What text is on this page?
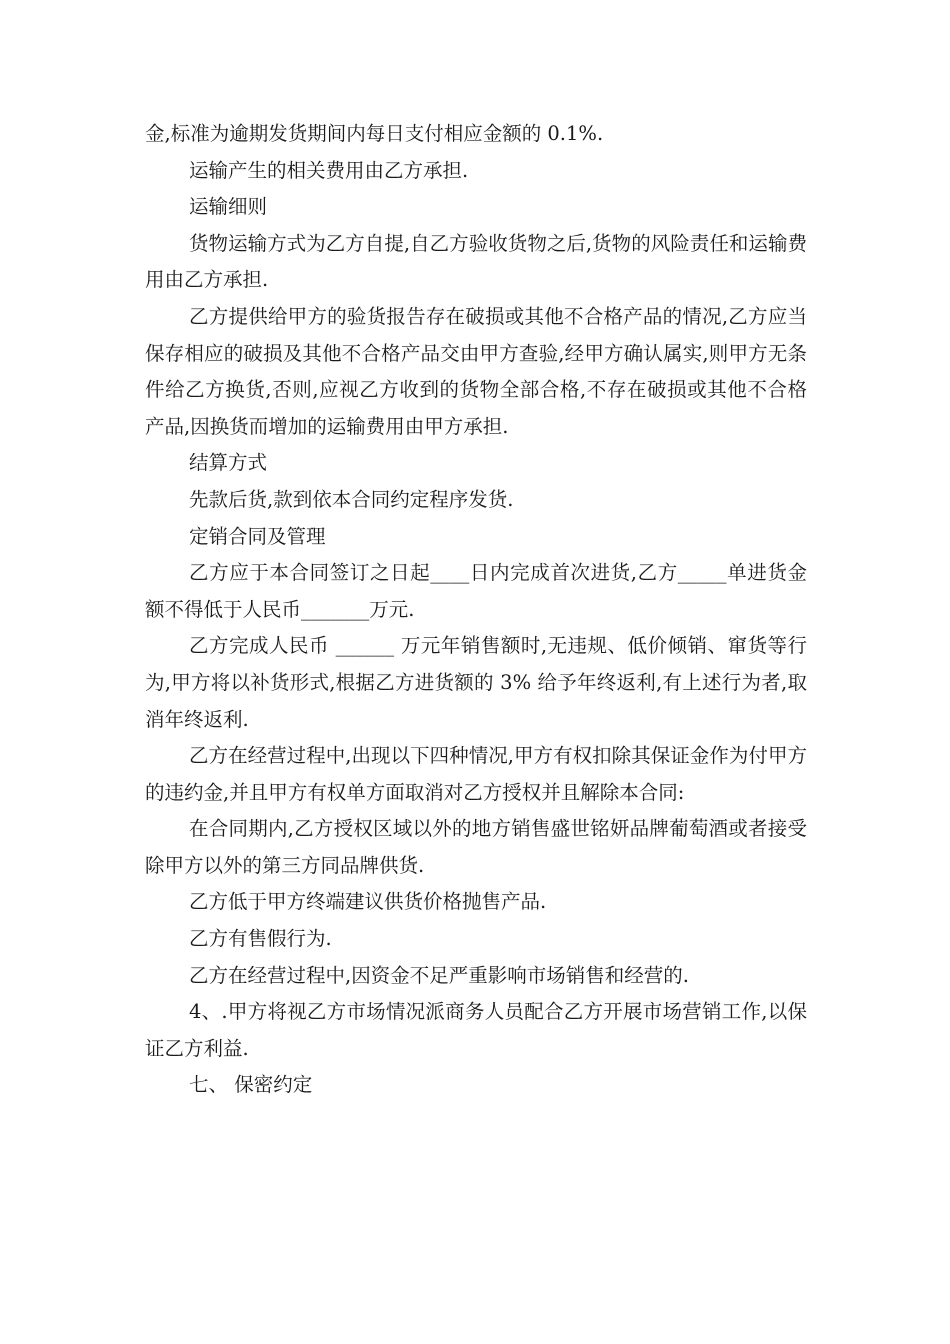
金,标准为逾期发货期间内每日支付相应金额的 0.1%.

运输产生的相关费用由乙方承担.

运输细则

货物运输方式为乙方自提,自乙方验收货物之后,货物的风险责任和运输费用由乙方承担.

乙方提供给甲方的验货报告存在破损或其他不合格产品的情况,乙方应当保存相应的破损及其他不合格产品交由甲方查验,经甲方确认属实,则甲方无条件给乙方换货,否则,应视乙方收到的货物全部合格,不存在破损或其他不合格产品,因换货而增加的运输费用由甲方承担.

结算方式

先款后货,款到依本合同约定程序发货.

定销合同及管理

乙方应于本合同签订之日起____日内完成首次进货,乙方_____单进货金额不得低于人民币_______万元.

乙方完成人民币 ______ 万元年销售额时,无违规、低价倾销、窜货等行为,甲方将以补货形式,根据乙方进货额的 3% 给予年终返利,有上述行为者,取消年终返利.

乙方在经营过程中,出现以下四种情况,甲方有权扣除其保证金作为付甲方的违约金,并且甲方有权单方面取消对乙方授权并且解除本合同:

在合同期内,乙方授权区域以外的地方销售盛世铭妍品牌葡萄酒或者接受除甲方以外的第三方同品牌供货.

乙方低于甲方终端建议供货价格抛售产品.

乙方有售假行为.

乙方在经营过程中,因资金不足严重影响市场销售和经营的.

4、.甲方将视乙方市场情况派商务人员配合乙方开展市场营销工作,以保证乙方利益.

七、 保密约定
